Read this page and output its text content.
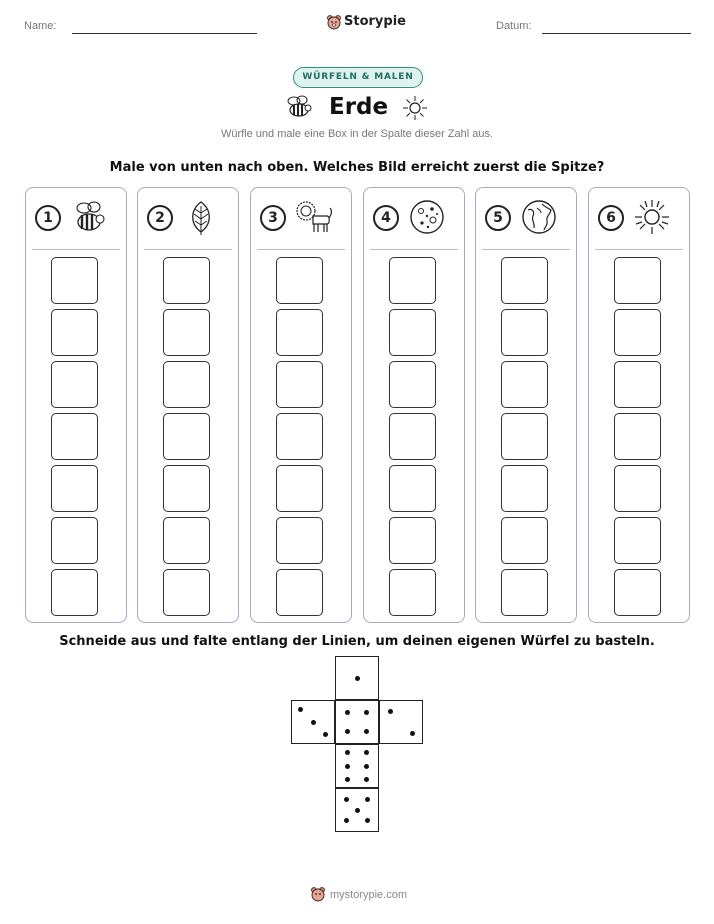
Name:	Storypie	Datum:
WÜRFELN & MALEN
Erde
Würfle und male eine Box in der Spalte dieser Zahl aus.
Male von unten nach oben. Welches Bild erreicht zuerst die Spitze?
1	2	3	4	5	6
Schneide aus und falte entlang der Linien, um deinen eigenen Würfel zu basteln.
mystorypie.com
